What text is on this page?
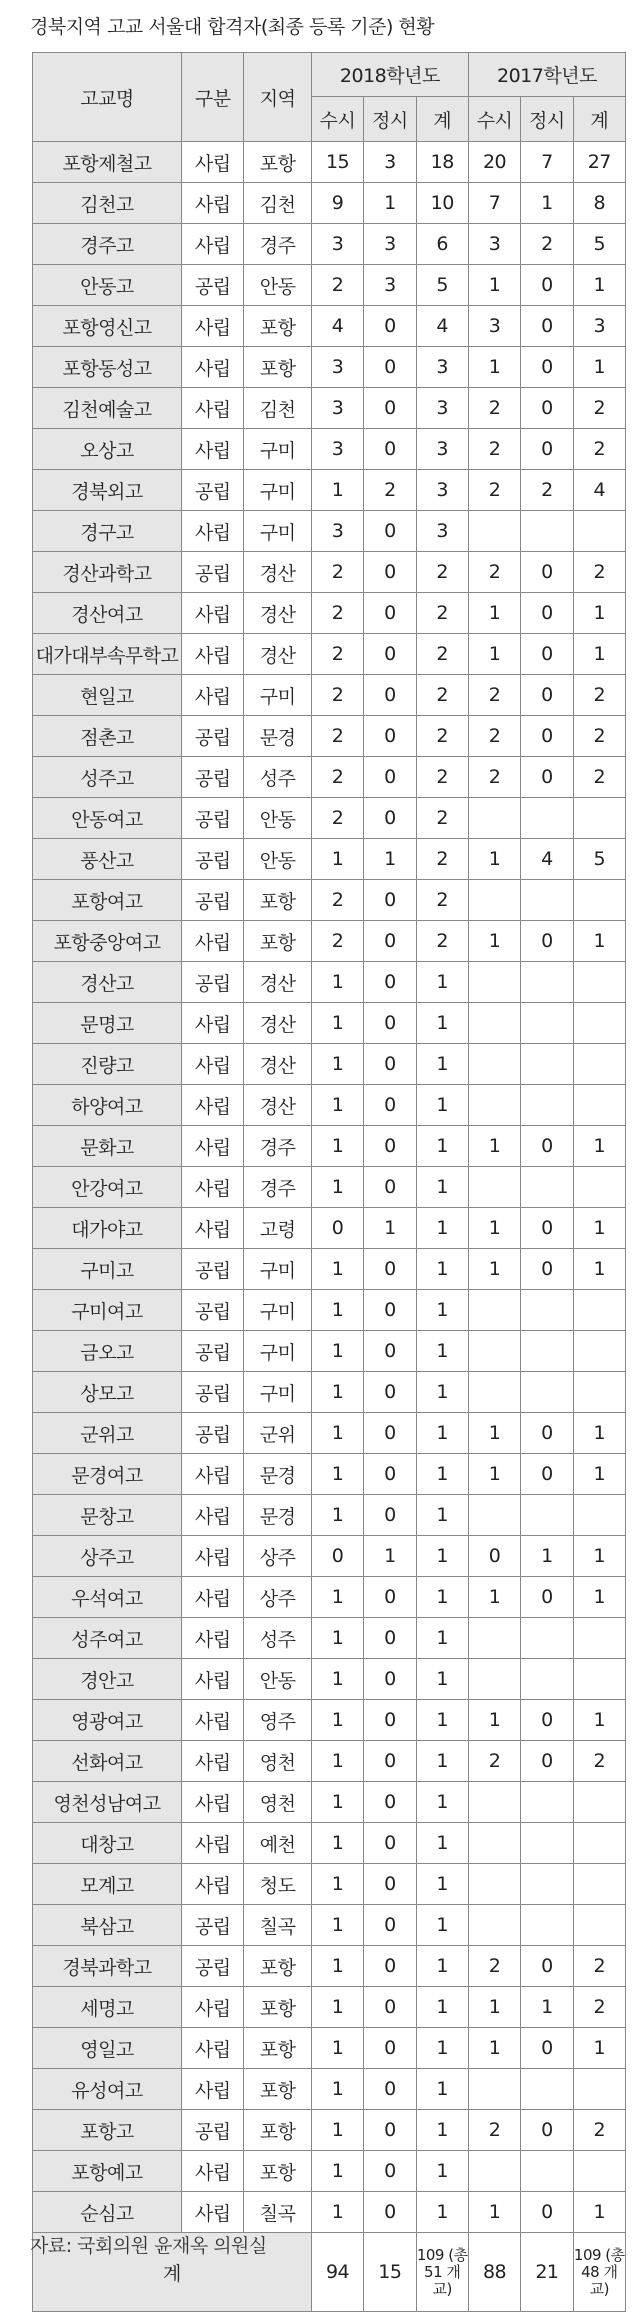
경북지역 고교 서울대 합격자(최종 등록 기준) 현황
고교명	구분	지역	2018학년도			2017학년도		
			수시	정시	계	수시	정시	계
포항제철고	사립	포항	15	3	18	20	7	27
김천고	사립	김천	9	1	10	7	1	8
경주고	사립	경주	3	3	6	3	2	5
안동고	공립	안동	2	3	5	1	0	1
포항영신고	사립	포항	4	0	4	3	0	3
포항동성고	사립	포항	3	0	3	1	0	1
김천예술고	사립	김천	3	0	3	2	0	2
오상고	사립	구미	3	0	3	2	0	2
경북외고	공립	구미	1	2	3	2	2	4
경구고	사립	구미	3	0	3			
경산과학고	공립	경산	2	0	2	2	0	2
경산여고	사립	경산	2	0	2	1	0	1
대가대부속무학고	사립	경산	2	0	2	1	0	1
현일고	사립	구미	2	0	2	2	0	2
점촌고	공립	문경	2	0	2	2	0	2
성주고	공립	성주	2	0	2	2	0	2
안동여고	공립	안동	2	0	2			
풍산고	공립	안동	1	1	2	1	4	5
포항여고	공립	포항	2	0	2			
포항중앙여고	사립	포항	2	0	2	1	0	1
경산고	공립	경산	1	0	1			
문명고	사립	경산	1	0	1			
진량고	사립	경산	1	0	1			
하양여고	사립	경산	1	0	1			
문화고	사립	경주	1	0	1	1	0	1
안강여고	사립	경주	1	0	1			
대가야고	사립	고령	0	1	1	1	0	1
구미고	공립	구미	1	0	1	1	0	1
구미여고	공립	구미	1	0	1			
금오고	공립	구미	1	0	1			
상모고	공립	구미	1	0	1			
군위고	공립	군위	1	0	1	1	0	1
문경여고	사립	문경	1	0	1	1	0	1
문창고	사립	문경	1	0	1			
상주고	사립	상주	0	1	1	0	1	1
우석여고	사립	상주	1	0	1	1	0	1
성주여고	사립	성주	1	0	1			
경안고	사립	안동	1	0	1			
영광여고	사립	영주	1	0	1	1	0	1
선화여고	사립	영천	1	0	1	2	0	2
영천성남여고	사립	영천	1	0	1			
대창고	사립	예천	1	0	1			
모계고	사립	청도	1	0	1			
북삼고	공립	칠곡	1	0	1			
경북과학고	공립	포항	1	0	1	2	0	2
세명고	사립	포항	1	0	1	1	1	2
영일고	사립	포항	1	0	1	1	0	1
유성여고	사립	포항	1	0	1			
포항고	공립	포항	1	0	1	2	0	2
포항예고	사립	포항	1	0	1			
순심고	사립	칠곡	1	0	1	1	0	1
계			94	15	109 (총51 개교)	88	21	109 (총48 개교)
자료: 국회의원 윤재옥 의원실
